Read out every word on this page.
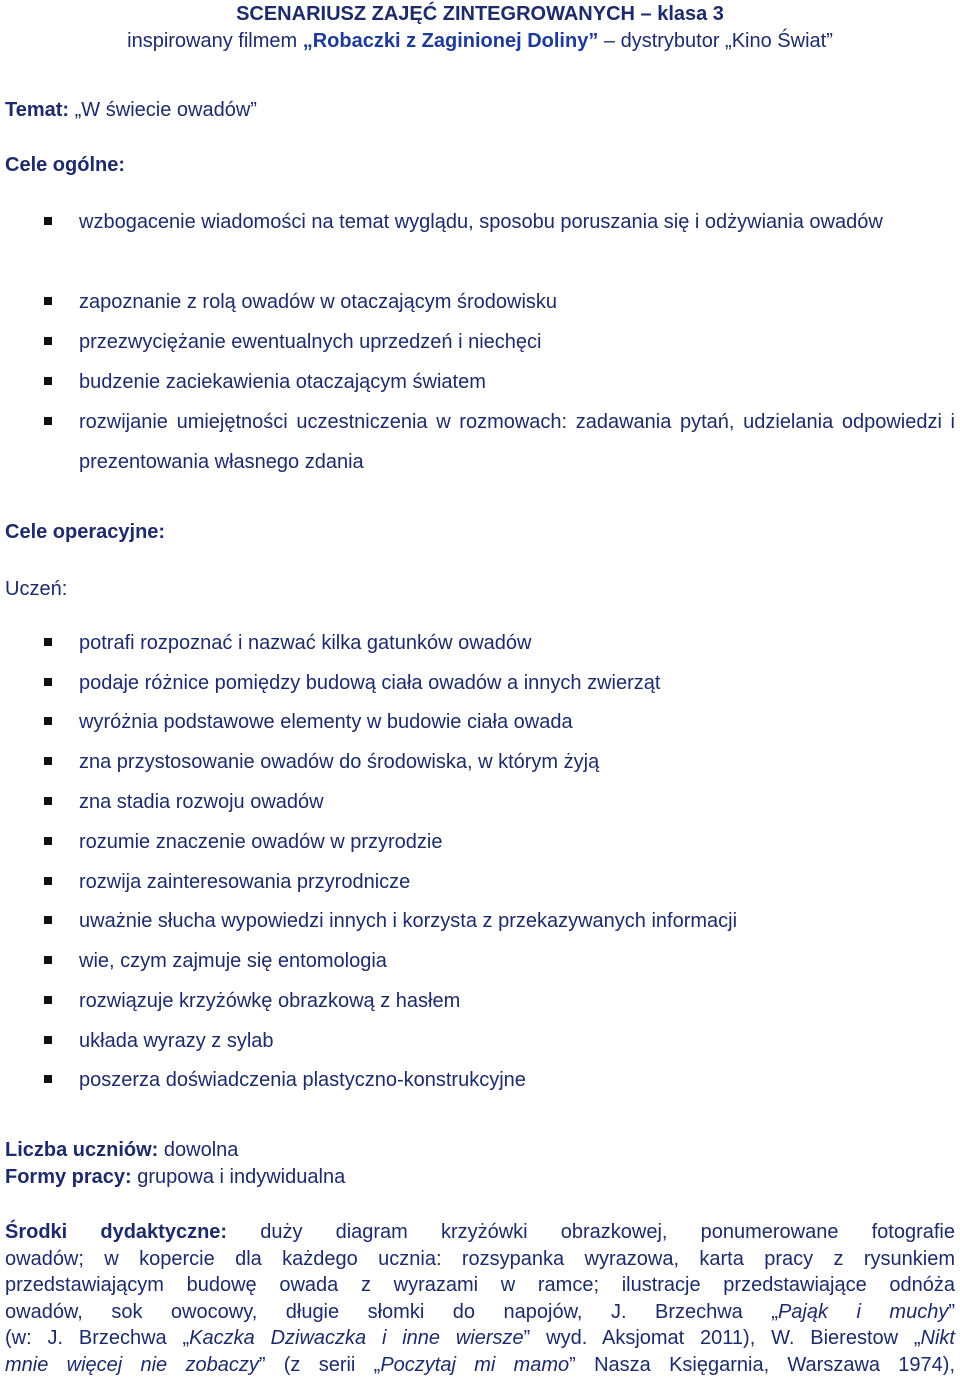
SCENARIUSZ ZAJĘĆ ZINTEGROWANYCH – klasa 3
inspirowany filmem „Robaczki z Zaginionej Doliny” – dystrybutor „Kino Świat”
Temat: „W świecie owadów”
Cele ogólne:
wzbogacenie wiadomości na temat wyglądu, sposobu poruszania się i odżywiania owadów
zapoznanie z rolą owadów w otaczającym środowisku
przezwyciężanie ewentualnych uprzedzeń i niechęci
budzenie zaciekawienia otaczającym światem
rozwijanie umiejętności uczestniczenia w rozmowach: zadawania pytań, udzielania odpowiedzi i prezentowania własnego zdania
Cele operacyjne:
Uczeń:
potrafi rozpoznać i nazwać kilka gatunków owadów
podaje różnice pomiędzy budową ciała owadów a innych zwierząt
wyróżnia podstawowe elementy w budowie ciała owada
zna przystosowanie owadów do środowiska, w którym żyją
zna stadia rozwoju owadów
rozumie znaczenie owadów w przyrodzie
rozwija zainteresowania przyrodnicze
uważnie słucha wypowiedzi innych i korzysta z przekazywanych informacji
wie, czym zajmuje się entomologia
rozwiązuje krzyżówkę obrazkową z hasłem
układa wyrazy z sylab
poszerza doświadczenia plastyczno-konstrukcyjne
Liczba uczniów: dowolna
Formy pracy: grupowa i indywidualna
Środki dydaktyczne: duży diagram krzyżówki obrazkowej, ponumerowane fotografie
owadów; w kopercie dla każdego ucznia: rozsypanka wyrazowa, karta pracy z rysunkiem
przedstawiającym budowę owada z wyrazami w ramce; ilustracje przedstawiające odnóża
owadów, sok owocowy, długie słomki do napojów, J. Brzechwa „Pająk i muchy”
(w: J. Brzechwa „Kaczka Dziwaczka i inne wiersze” wyd. Aksjomat 2011), W. Bierestow „Nikt
mnie więcej nie zobaczy” (z serii „Poczytaj mi mamo” Nasza Księgarnia, Warszawa 1974),
